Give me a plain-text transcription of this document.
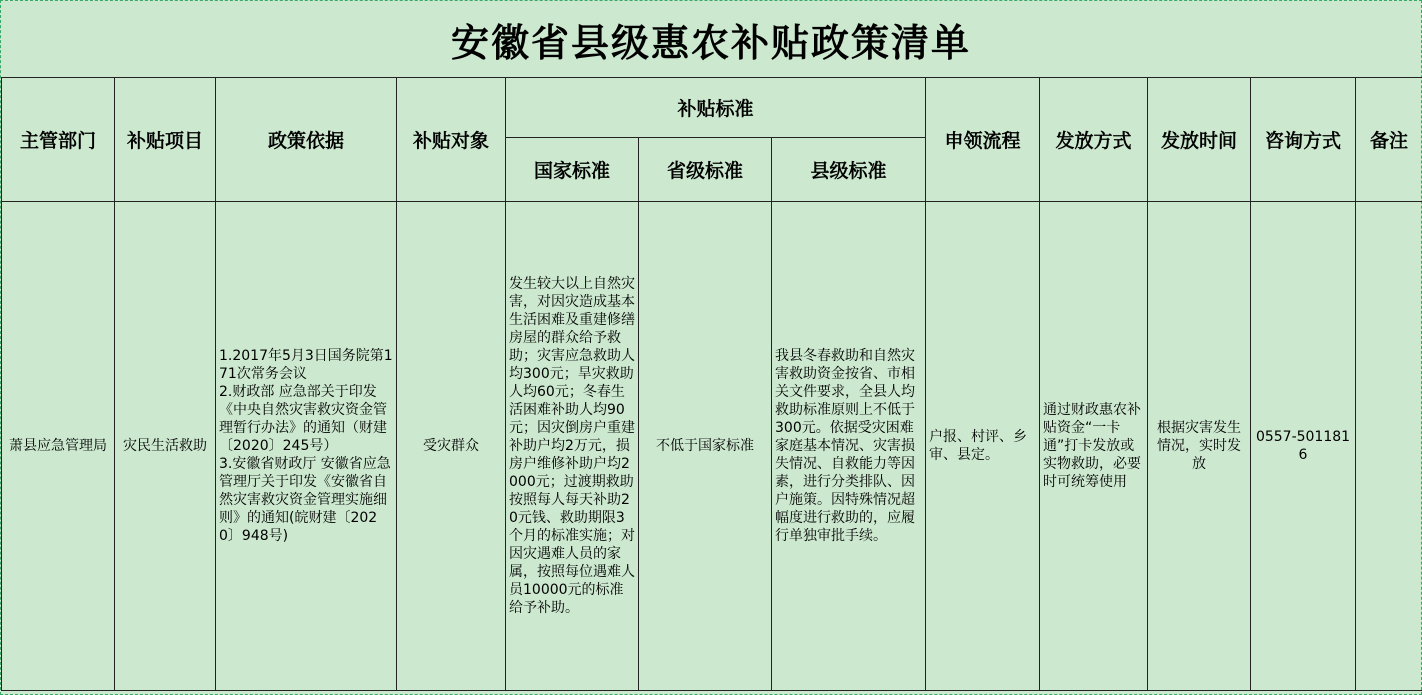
安徽省县级惠农补贴政策清单
主管部门	补贴项目	政策依据	补贴对象	补贴标准			申领流程	发放方式	发放时间	咨询方式	备注
				国家标准	省级标准	县级标准					
萧县应急管理局	灾民生活救助	1.2017年5月3日国务院第171次常务会议
2.财政部 应急部关于印发《中央自然灾害救灾资金管理暂行办法》的通知（财建〔2020〕245号）
3.安徽省财政厅 安徽省应急管理厅关于印发《安徽省自然灾害救灾资金管理实施细则》的通知(皖财建〔2020〕948号)	受灾群众	发生较大以上自然灾害，对因灾造成基本生活困难及重建修缮房屋的群众给予救助；灾害应急救助人均300元；旱灾救助人均60元；冬春生活困难补助人均90元；因灾倒房户重建补助户均2万元，损房户维修补助户均2000元；过渡期救助按照每人每天补助20元钱、救助期限3个月的标准实施；对因灾遇难人员的家属，按照每位遇难人员10000元的标准给予补助。	不低于国家标准	我县冬春救助和自然灾害救助资金按省、市相关文件要求，全县人均救助标准原则上不低于300元。依据受灾困难家庭基本情况、灾害损失情况、自救能力等因素，进行分类排队、因户施策。因特殊情况超幅度进行救助的，应履行单独审批手续。	户报、村评、乡审、县定。	通过财政惠农补贴资金“一卡通”打卡发放或实物救助，必要时可统筹使用	根据灾害发生情况，实时发放	0557-5011816	
